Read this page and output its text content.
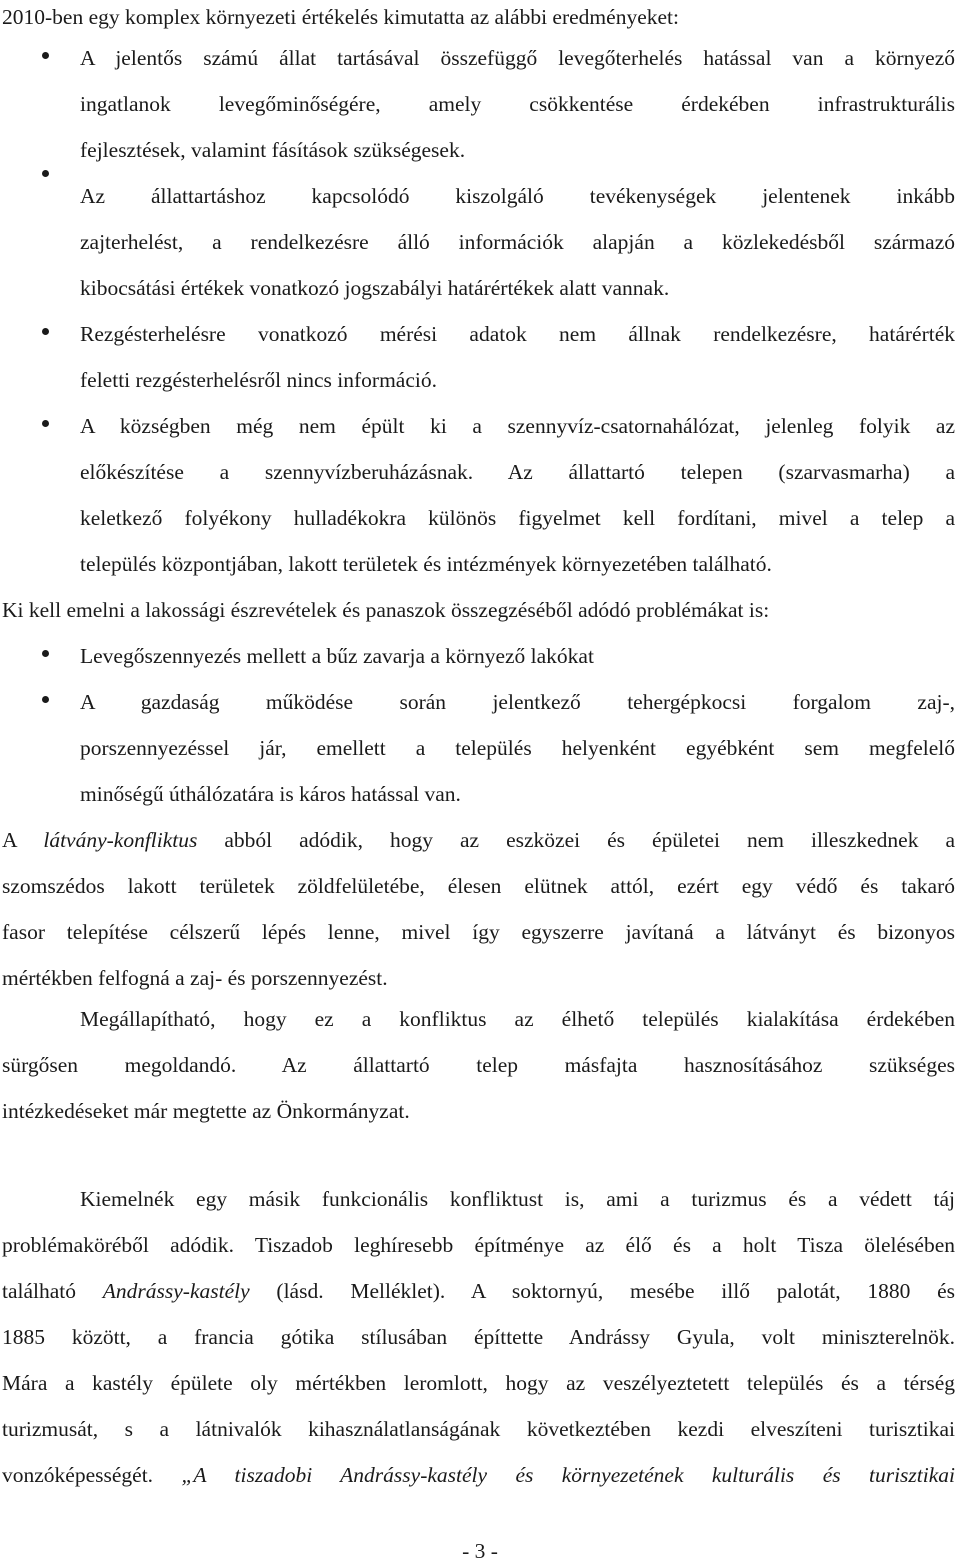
2010-ben egy komplex környezeti értékelés kimutatta az alábbi eredményeket:
A jelentős számú állat tartásával összefüggő levegőterhelés hatással van a környező
ingatlanok levegőminőségére, amely csökkentése érdekében infrastrukturális
fejlesztések, valamint fásítások szükségesek.
Az állattartáshoz kapcsolódó kiszolgáló tevékenységek jelentenek inkább
zajterhelést, a rendelkezésre álló információk alapján a közlekedésből származó
kibocsátási értékek vonatkozó jogszabályi határértékek alatt vannak.
Rezgésterhelésre vonatkozó mérési adatok nem állnak rendelkezésre, határérték
feletti rezgésterhelésről nincs információ.
A községben még nem épült ki a szennyvíz-csatornahálózat, jelenleg folyik az
előkészítése a szennyvízberuházásnak. Az állattartó telepen (szarvasmarha) a
keletkező folyékony hulladékokra különös figyelmet kell fordítani, mivel a telep a
település központjában, lakott területek és intézmények környezetében található.
Ki kell emelni a lakossági észrevételek és panaszok összegzéséből adódó problémákat is:
Levegőszennyezés mellett a bűz zavarja a környező lakókat
A gazdaság működése során jelentkező tehergépkocsi forgalom zaj-,
porszennyezéssel jár, emellett a település helyenként egyébként sem megfelelő
minőségű úthálózatára is káros hatással van.
A látvány-konfliktus abból adódik, hogy az eszközei és épületei nem illeszkednek a
szomszédos lakott területek zöldfelületébe, élesen elütnek attól, ezért egy védő és takaró
fasor telepítése célszerű lépés lenne, mivel így egyszerre javítaná a látványt és bizonyos
mértékben felfogná a zaj- és porszennyezést.
Megállapítható, hogy ez a konfliktus az élhető település kialakítása érdekében
sürgősen megoldandó. Az állattartó telep másfajta hasznosításához szükséges
intézkedéseket már megtette az Önkormányzat.
Kiemelnék egy másik funkcionális konfliktust is, ami a turizmus és a védett táj
problémaköréből adódik. Tiszadob leghíresebb építménye az élő és a holt Tisza ölelésében
található Andrássy-kastély (lásd. Melléklet). A soktornyú, mesébe illő palotát, 1880 és
1885 között, a francia gótika stílusában építtette Andrássy Gyula, volt miniszterelnök.
Mára a kastély épülete oly mértékben leromlott, hogy az veszélyeztetett település és a térség
turizmusát, s a látnivalók kihasználatlanságának következtében kezdi elveszíteni turisztikai
vonzóképességét. „A tiszadobi Andrássy-kastély és környezetének kulturális és turisztikai
- 3 -
